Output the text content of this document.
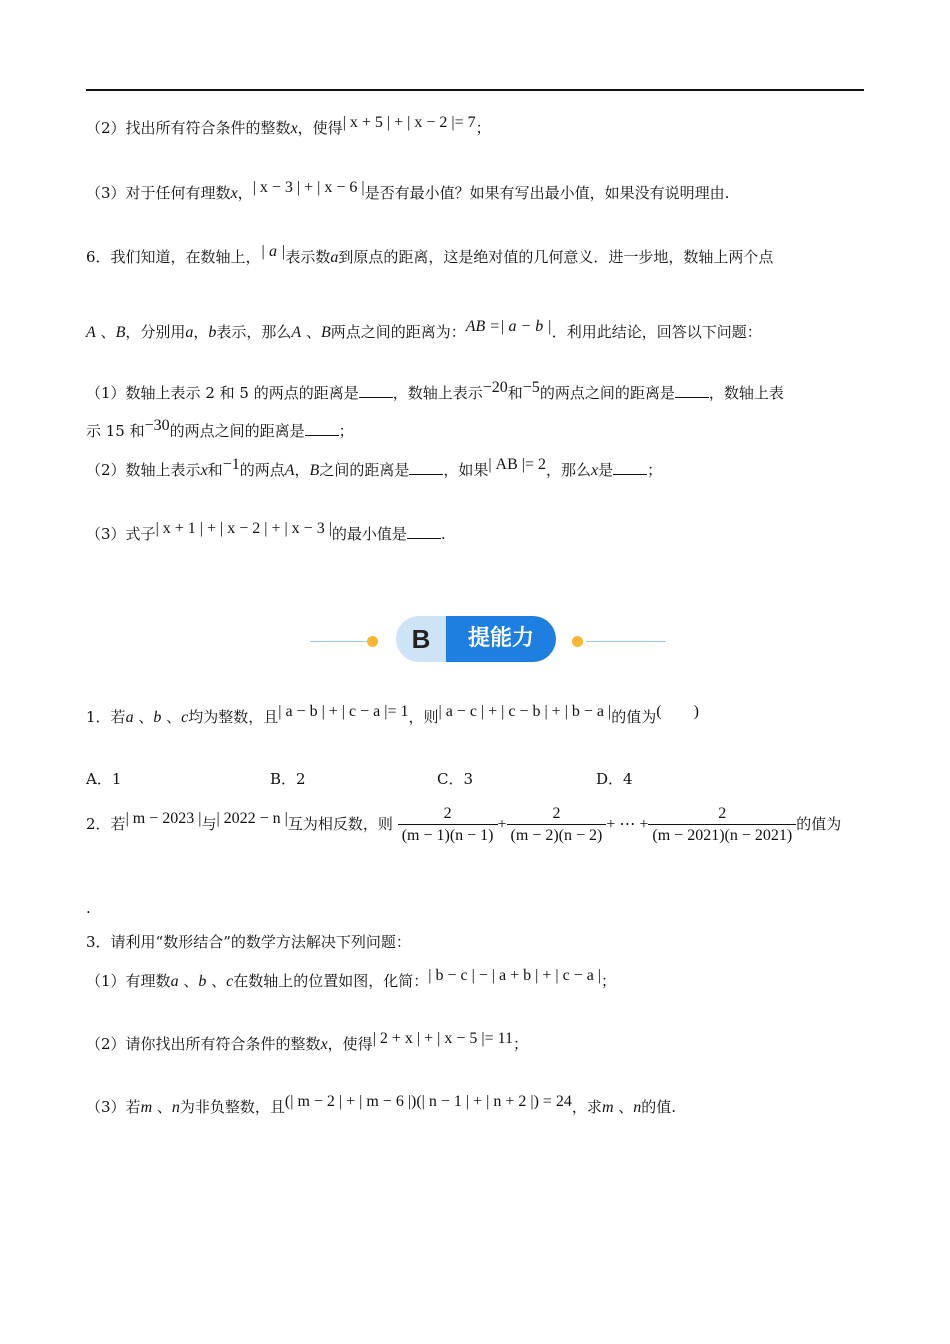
（2）找出所有符合条件的整数x，使得| x + 5 | + | x − 2 |= 7；
（3）对于任何有理数x，| x − 3 | + | x − 6 |是否有最小值？如果有写出最小值，如果没有说明理由.
6．我们知道，在数轴上，| a |表示数a到原点的距离，这是绝对值的几何意义．进一步地，数轴上两个点
A 、B，分别用a，b表示，那么A 、B两点之间的距离为：AB =| a − b |．利用此结论，回答以下问题：
（1）数轴上表示 2 和 5 的两点的距离是 ，数轴上表示−20和−5的两点之间的距离是 ，数轴上表
示 15 和−30的两点之间的距离是 ；
（2）数轴上表示x和−1的两点A，B之间的距离是 ，如果| AB |= 2，那么x是 ；
（3）式子| x + 1 | + | x − 2 | + | x − 3 |的最小值是 .
B	提能力
1．若a 、b 、c均为整数，且| a − b | + | c − a |= 1，则| a − c | + | c − b | + | b − a |的值为(　　)
A．1	B．2	C．3	D．4
2．若| m − 2023 |与| 2022 − n |互为相反数，则 $\frac{2}{(m - 1)(n - 1)} + \frac{2}{(m - 2)(n - 2)}$ + ⋯ + $\frac{2}{(m - 2021)(n - 2021)}$ 的值为
.
3．请利用“数形结合”的数学方法解决下列问题：
（1）有理数a 、b 、c在数轴上的位置如图，化简：| b − c | − | a + b | + | c − a |；
（2）请你找出所有符合条件的整数x，使得| 2 + x | + | x − 5 |= 11；
（3）若m 、n为非负整数，且(| m − 2 | + | m − 6 |)(| n − 1 | + | n + 2 |) = 24，求m 、n的值.
